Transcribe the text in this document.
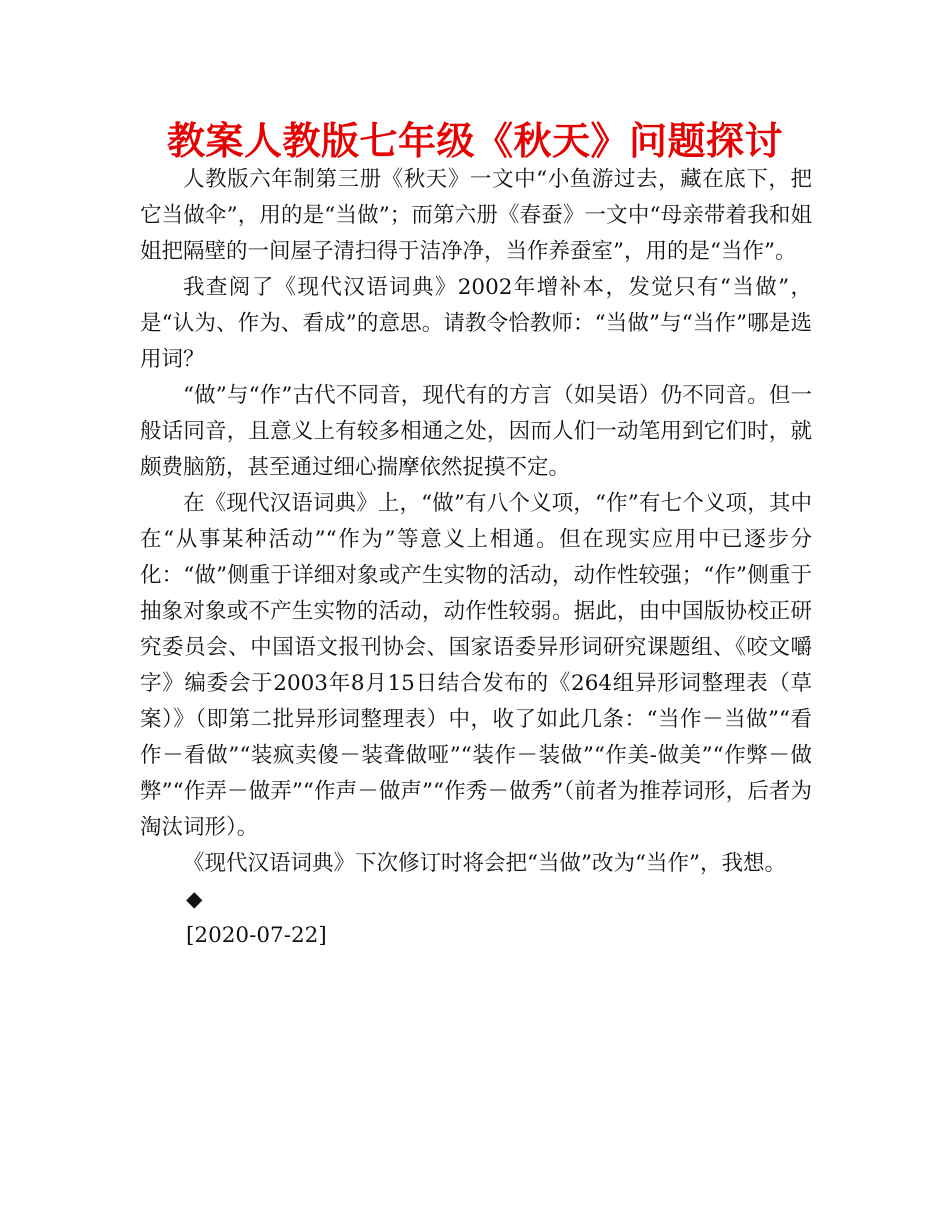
教案人教版七年级《秋天》问题探讨

人教版六年制第三册《秋天》一文中“小鱼游过去，藏在底下，把它当做伞”，用的是“当做”；而第六册《春蚕》一文中“母亲带着我和姐姐把隔壁的一间屋子清扫得于洁净净，当作养蚕室”，用的是“当作”。

我查阅了《现代汉语词典》2002年增补本，发觉只有“当做”，是“认为、作为、看成”的意思。请教令恰教师：“当做”与“当作”哪是选用词？

“做”与“作”古代不同音，现代有的方言（如吴语）仍不同音。但一般话同音，且意义上有较多相通之处，因而人们一动笔用到它们时，就颇费脑筋，甚至通过细心揣摩依然捉摸不定。

在《现代汉语词典》上，“做”有八个义项，“作”有七个义项，其中在“从事某种活动”“作为”等意义上相通。但在现实应用中已逐步分化：“做”侧重于详细对象或产生实物的活动，动作性较强；“作”侧重于抽象对象或不产生实物的活动，动作性较弱。据此，由中国版协校正研究委员会、中国语文报刊协会、国家语委异形词研究课题组、《咬文嚼字》编委会于2003年8月15日结合发布的《264组异形词整理表（草案）》（即第二批异形词整理表）中，收了如此几条：“当作－当做”“看作－看做”“装疯卖傻－装聋做哑”“装作－装做”“作美-做美”“作弊－做弊”“作弄－做弄”“作声－做声”“作秀－做秀”（前者为推荐词形，后者为淘汰词形）。

《现代汉语词典》下次修订时将会把“当做”改为“当作”，我想。

◆

[2020-07-22]
